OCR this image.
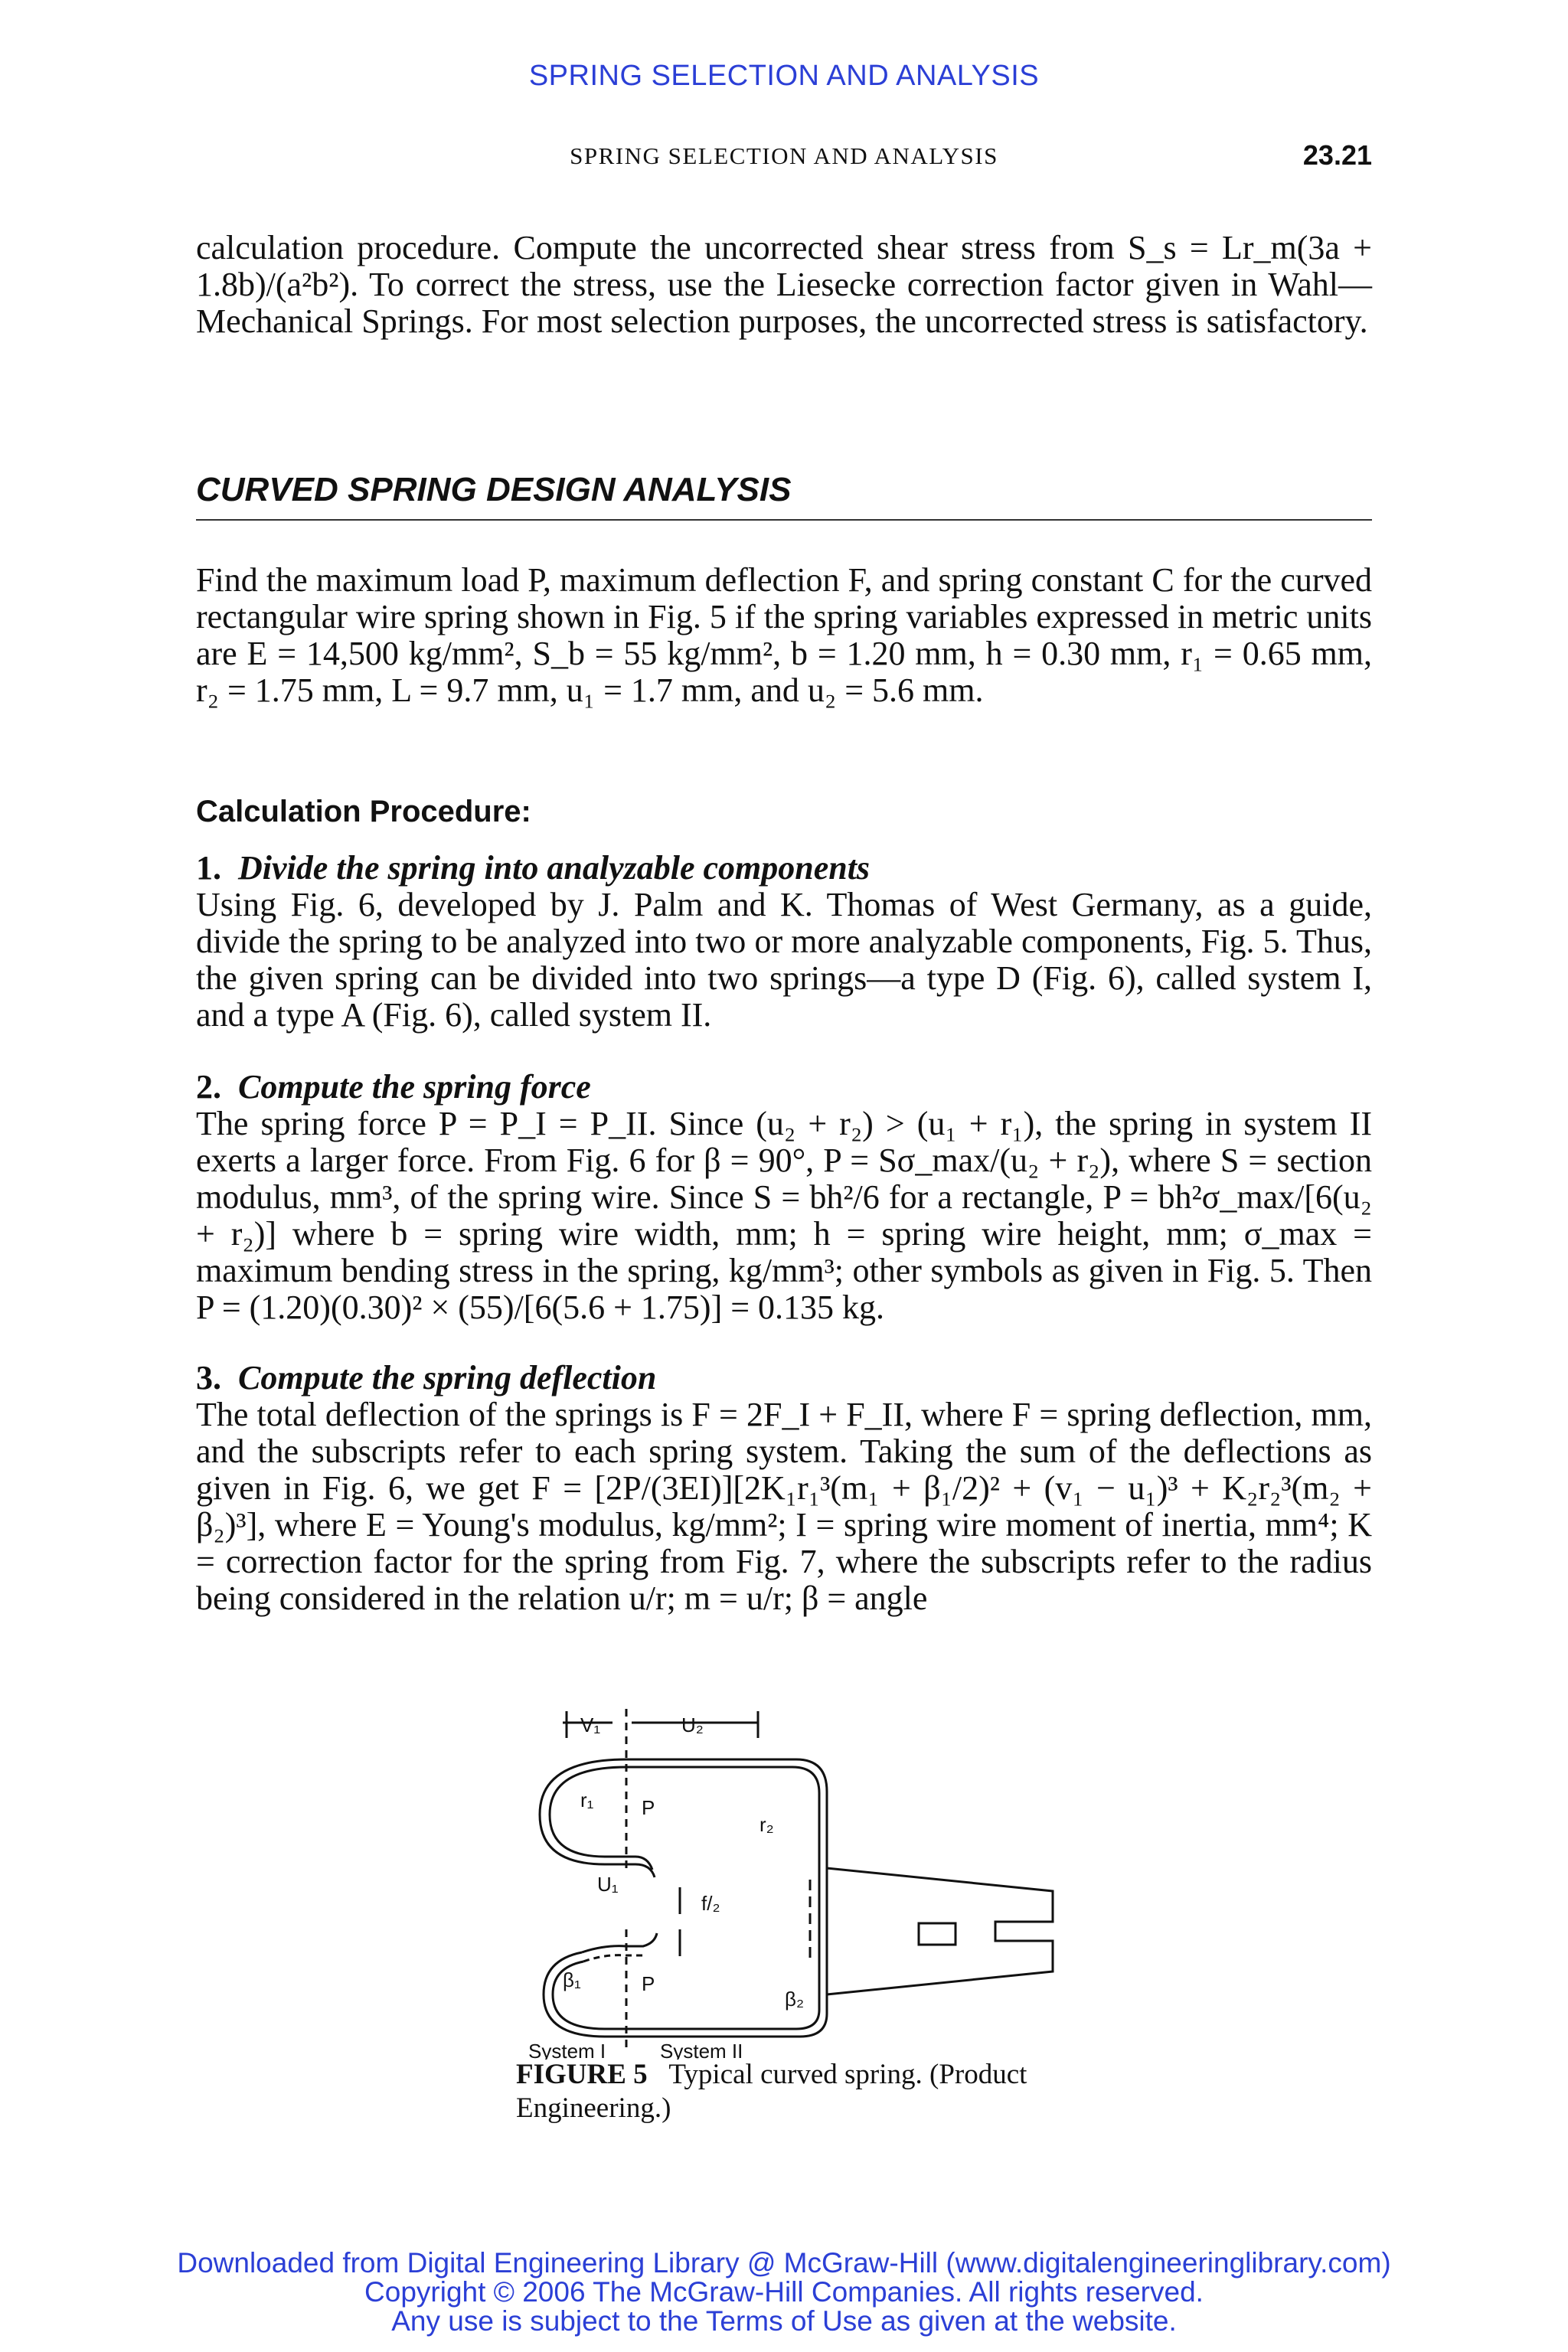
SPRING SELECTION AND ANALYSIS
SPRING SELECTION AND ANALYSIS	23.21

calculation procedure. Compute the uncorrected shear stress from S_s = Lr_m(3a + 1.8b)/(a²b²). To correct the stress, use the Liesecke correction factor given in Wahl—Mechanical Springs. For most selection purposes, the uncorrected stress is satisfactory.

CURVED SPRING DESIGN ANALYSIS

Find the maximum load P, maximum deflection F, and spring constant C for the curved rectangular wire spring shown in Fig. 5 if the spring variables expressed in metric units are E = 14,500 kg/mm², S_b = 55 kg/mm², b = 1.20 mm, h = 0.30 mm, r₁ = 0.65 mm, r₂ = 1.75 mm, L = 9.7 mm, u₁ = 1.7 mm, and u₂ = 5.6 mm.

Calculation Procedure:

1. Divide the spring into analyzable components

Using Fig. 6, developed by J. Palm and K. Thomas of West Germany, as a guide, divide the spring to be analyzed into two or more analyzable components, Fig. 5. Thus, the given spring can be divided into two springs—a type D (Fig. 6), called system I, and a type A (Fig. 6), called system II.

2. Compute the spring force

The spring force P = P_I = P_II. Since (u₂ + r₂) > (u₁ + r₁), the spring in system II exerts a larger force. From Fig. 6 for β = 90°, P = Sσ_max/(u₂ + r₂), where S = section modulus, mm³, of the spring wire. Since S = bh²/6 for a rectangle, P = bh²σ_max/[6(u₂ + r₂)] where b = spring wire width, mm; h = spring wire height, mm; σ_max = maximum bending stress in the spring, kg/mm³; other symbols as given in Fig. 5. Then P = (1.20)(0.30)² × (55)/[6(5.6 + 1.75)] = 0.135 kg.

3. Compute the spring deflection

The total deflection of the springs is F = 2F_I + F_II, where F = spring deflection, mm, and the subscripts refer to each spring system. Taking the sum of the deflections as given in Fig. 6, we get F = [2P/(3EI)][2K₁r₁³(m₁ + β₁/2)² + (v₁ − u₁)³ + K₂r₂³(m₂ + β₂)³], where E = Young's modulus, kg/mm²; I = spring wire moment of inertia, mm⁴; K = correction factor for the spring from Fig. 7, where the subscripts refer to the radius being considered in the relation u/r; m = u/r; β = angle

V₁	U₂
r₁ P
r₂
U₁
f/₂
β₁	P
β₂
System I	System II
FIGURE 5 Typical curved spring. (Product Engineering.)
Downloaded from Digital Engineering Library @ McGraw-Hill (www.digitalengineeringlibrary.com)
Copyright © 2006 The McGraw-Hill Companies. All rights reserved.
Any use is subject to the Terms of Use as given at the website.
